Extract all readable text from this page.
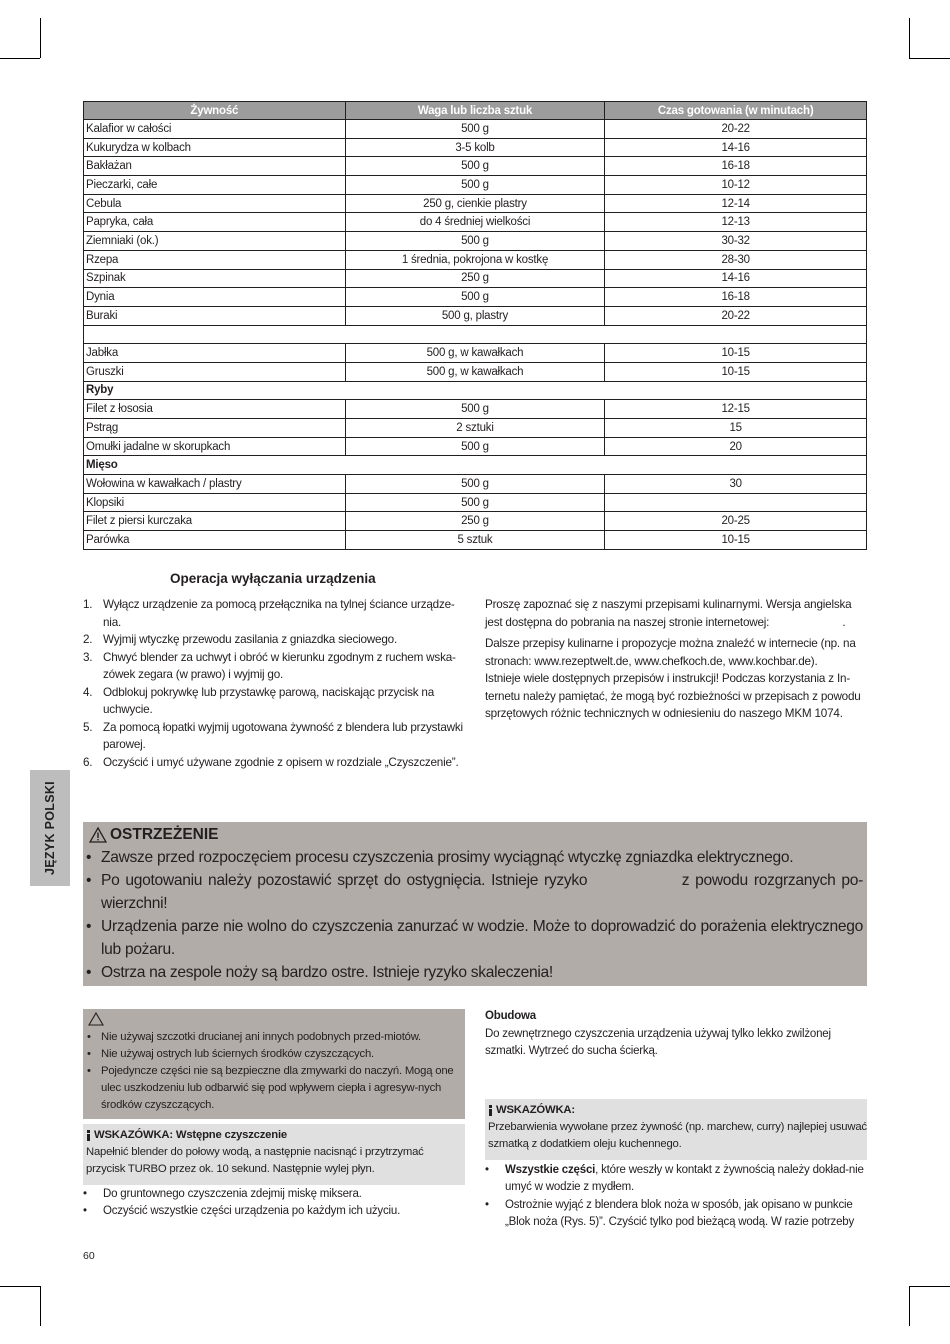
Żywność	Waga lub liczba sztuk	Czas gotowania (w minutach)
Kalafior w całości	500 g	20-22
Kukurydza w kolbach	3-5 kolb	14-16
Bakłażan	500 g	16-18
Pieczarki, całe	500 g	10-12
Cebula	250 g, cienkie plastry	12-14
Papryka, cała	do 4 średniej wielkości	12-13
Ziemniaki (ok.)	500 g	30-32
Rzepa	1 średnia, pokrojona w kostkę	28-30
Szpinak	250 g	14-16
Dynia	500 g	16-18
Buraki	500 g, plastry	20-22

Jabłka	500 g, w kawałkach	10-15
Gruszki	500 g, w kawałkach	10-15
Ryby		
Filet z łososia	500 g	12-15
Pstrąg	2 sztuki	15
Omułki jadalne w skorupkach	500 g	20
Mięso		
Wołowina w kawałkach / plastry	500 g	30
Klopsiki	500 g	
Filet z piersi kurczaka	250 g	20-25
Parówka	5 sztuk	10-15
Operacja wyłączania urządzenia
1. Wyłącz urządzenie za pomocą przełącznika na tylnej ściance urządze-nia.
2. Wyjmij wtyczkę przewodu zasilania z gniazdka sieciowego.
3. Chwyć blender za uchwyt i obróć w kierunku zgodnym z ruchem wska-zówek zegara (w prawo) i wyjmij go.
4. Odblokuj pokrywkę lub przystawkę parową, naciskając przycisk na uchwycie.
5. Za pomocą łopatki wyjmij ugotowana żywność z blendera lub przystawki parowej.
6. Oczyścić i umyć używane zgodnie z opisem w rozdziale „Czyszczenie”.

Proszę zapoznać się z naszymi przepisami kulinarnymi. Wersja angielska jest dostępna do pobrania na naszej stronie internetowej:                        .

Dalsze przepisy kulinarne i propozycje można znaleźć w internecie (np. na stronach: www.rezeptwelt.de, www.chefkoch.de, www.kochbar.de).
Istnieje wiele dostępnych przepisów i instrukcji! Podczas korzystania z In-ternetu należy pamiętać, że mogą być rozbieżności w przepisach z powodu sprzętowych różnic technicznych w odniesieniu do naszego MKM 1074.

JĘZYK POLSKI	OSTRZEŻENIE
• Zawsze przed rozpoczęciem procesu czyszczenia prosimy wyciągnąć wtyczkę zgniazdka elektrycznego.
• Po ugotowaniu należy pozostawić sprzęt do ostygnięcia. Istnieje ryzyko                z powodu rozgrzanych po-wierzchni!
• Urządzenia parze nie wolno do czyszczenia zanurzać w wodzie. Może to doprowadzić do porażenia elektrycznego lub pożaru.
• Ostrza na zespole noży są bardzo ostre. Istnieje ryzyko skaleczenia!
• Nie używaj szczotki drucianej ani innych podobnych przed-miotów.
• Nie używaj ostrych lub ściernych środków czyszczących.
• Pojedyncze części nie są bezpieczne dla zmywarki do naczyń. Mogą one ulec uszkodzeniu lub odbarwić się pod wpływem ciepła i agresyw-nych środków czyszczących.
WSKAZÓWKA: Wstępne czyszczenie
Napełnić blender do połowy wodą, a następnie nacisnąć i przytrzymać przycisk TURBO przez ok. 10 sekund. Następnie wylej płyn.
• Do gruntownego czyszczenia zdejmij miskę miksera.
• Oczyścić wszystkie części urządzenia po każdym ich użyciu.
Obudowa
Do zewnętrznego czyszczenia urządzenia używaj tylko lekko zwilżonej szmatki. Wytrzeć do sucha ścierką.
WSKAZÓWKA:
Przebarwienia wywołane przez żywność (np. marchew, curry) najlepiej usuwać szmatką z dodatkiem oleju kuchennego.
• Wszystkie części, które weszły w kontakt z żywnością należy dokład-nie umyć w wodzie z mydłem.
• Ostrożnie wyjąć z blendera blok noża w sposób, jak opisano w punkcie „Blok noża (Rys. 5)”. Czyścić tylko pod bieżącą wodą. W razie potrzeby
60
